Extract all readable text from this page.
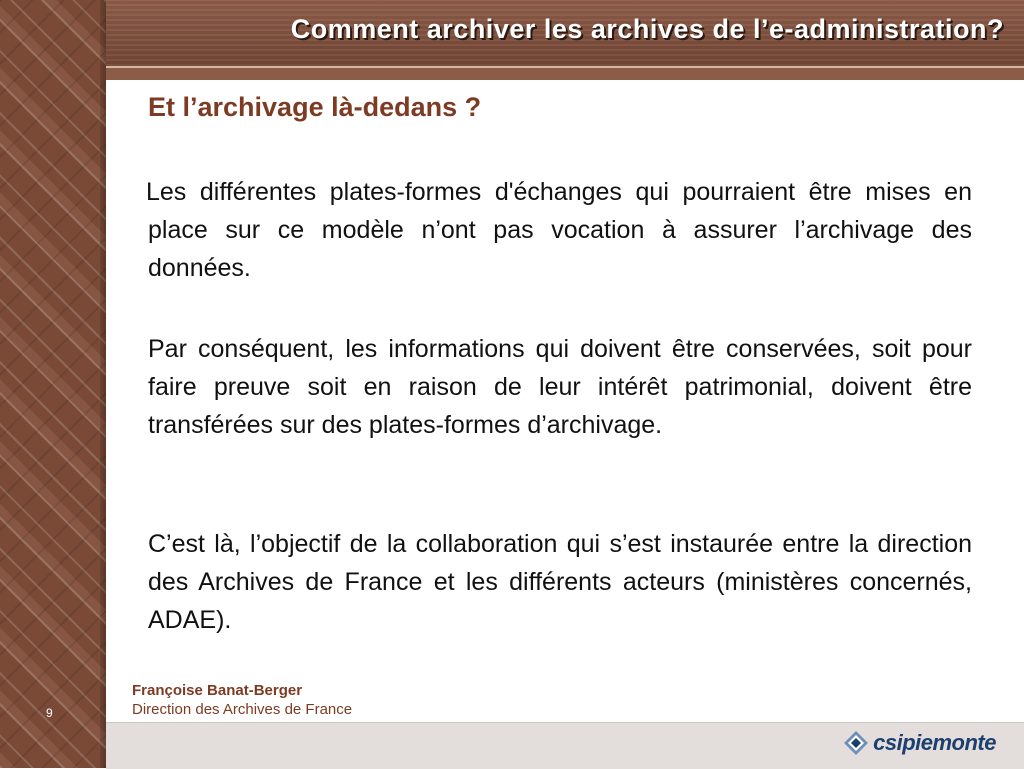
Comment archiver les archives de l’e-administration?
Et l’archivage là-dedans ?
Les différentes plates-formes d'échanges qui pourraient être mises en place sur ce modèle n’ont pas vocation à assurer l’archivage des données.
Par conséquent, les informations qui doivent être conservées, soit pour faire preuve soit en raison de leur intérêt patrimonial, doivent être transférées sur des plates-formes d’archivage.
C’est là, l’objectif de la collaboration qui s’est instaurée entre la direction des Archives de France et les différents acteurs (ministères concernés, ADAE).
Françoise Banat-Berger
Direction des Archives de France
9
csipiemonte
